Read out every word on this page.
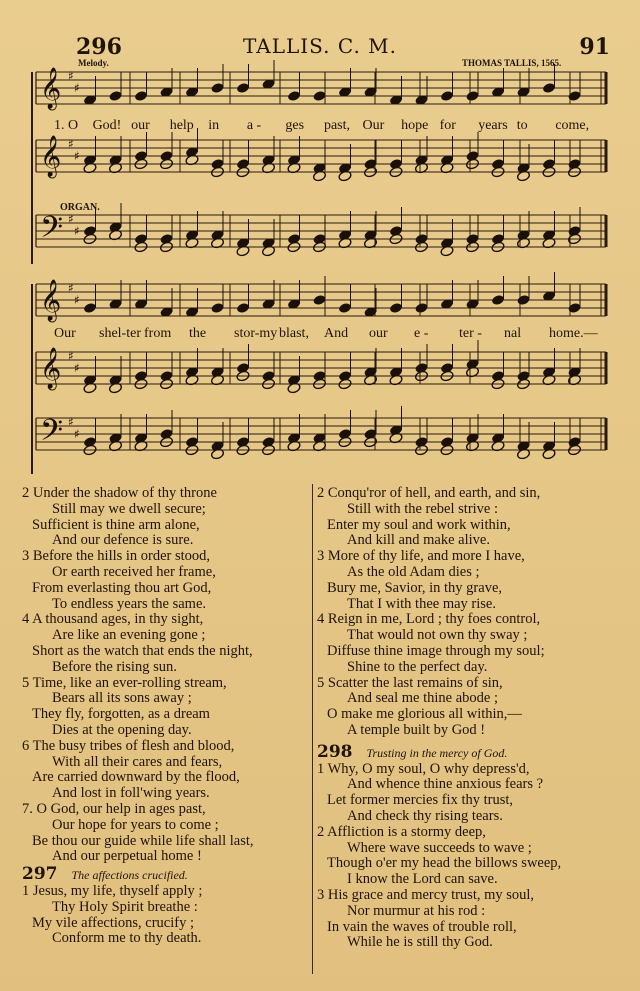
296	TALLIS. C. M.	91
Melody.	THOMAS TALLIS, 1565.
ORGAN.
𝄞 ♯
♯
𝄞 ♯
♯
𝄢 ♯
♯
𝄞 ♯
♯
𝄞 ♯
♯
𝄢 ♯
♯
1. O God! our help in a - ges past, Our hope for years to come,
Our shel-ter from the stor-my blast, And our e - ter - nal home.—
2 Under the shadow of thy throne
Still may we dwell secure;
Sufficient is thine arm alone,
And our defence is sure.
3 Before the hills in order stood,
Or earth received her frame,
From everlasting thou art God,
To endless years the same.
4 A thousand ages, in thy sight,
Are like an evening gone ;
Short as the watch that ends the night,
Before the rising sun.
5 Time, like an ever-rolling stream,
Bears all its sons away ;
They fly, forgotten, as a dream
Dies at the opening day.
6 The busy tribes of flesh and blood,
With all their cares and fears,
Are carried downward by the flood,
And lost in foll'wing years.
7. O God, our help in ages past,
Our hope for years to come ;
Be thou our guide while life shall last,
And our perpetual home !
297 The affections crucified.
1 Jesus, my life, thyself apply ;
Thy Holy Spirit breathe :
My vile affections, crucify ;
Conform me to thy death.
2 Conqu'ror of hell, and earth, and sin,
Still with the rebel strive :
Enter my soul and work within,
And kill and make alive.
3 More of thy life, and more I have,
As the old Adam dies ;
Bury me, Savior, in thy grave,
That I with thee may rise.
4 Reign in me, Lord ; thy foes control,
That would not own thy sway ;
Diffuse thine image through my soul;
Shine to the perfect day.
5 Scatter the last remains of sin,
And seal me thine abode ;
O make me glorious all within,—
A temple built by God !
298 Trusting in the mercy of God.
1 Why, O my soul, O why depress'd,
And whence thine anxious fears ?
Let former mercies fix thy trust,
And check thy rising tears.
2 Affliction is a stormy deep,
Where wave succeeds to wave ;
Though o'er my head the billows sweep,
I know the Lord can save.
3 His grace and mercy trust, my soul,
Nor murmur at his rod :
In vain the waves of trouble roll,
While he is still thy God.
